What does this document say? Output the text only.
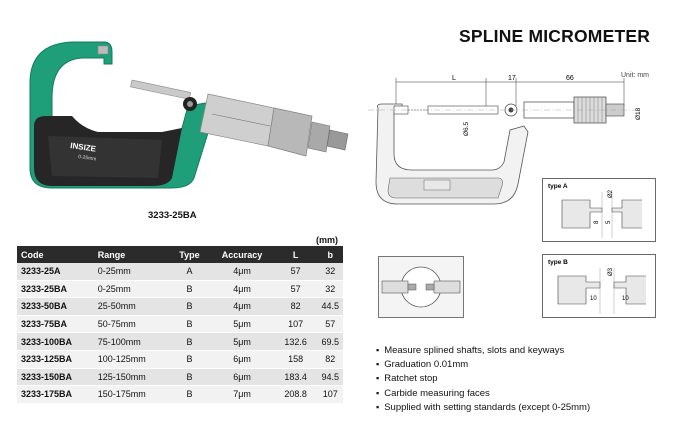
SPLINE MICROMETER
INSIZE
0-25mm
3233-25BA
(mm)
Code	Range	Type	Accuracy	L	b
3233-25A	0-25mm	A	4μm	57	32
3233-25BA	0-25mm	B	4μm	57	32
3233-50BA	25-50mm	B	4μm	82	44.5
3233-75BA	50-75mm	B	5μm	107	57
3233-100BA	75-100mm	B	5μm	132.6	69.5
3233-125BA	100-125mm	B	6μm	158	82
3233-150BA	125-150mm	B	6μm	183.4	94.5
3233-175BA	150-175mm	B	7μm	208.8	107
Unit: mm
L	17	66
Ø6.5
Ø18
type A
Ø2
8 5
type B
Ø3
10	10
▪ Measure splined shafts, slots and keyways
▪ Graduation 0.01mm
▪ Ratchet stop
▪ Carbide measuring faces
▪ Supplied with setting standards (except 0-25mm)
